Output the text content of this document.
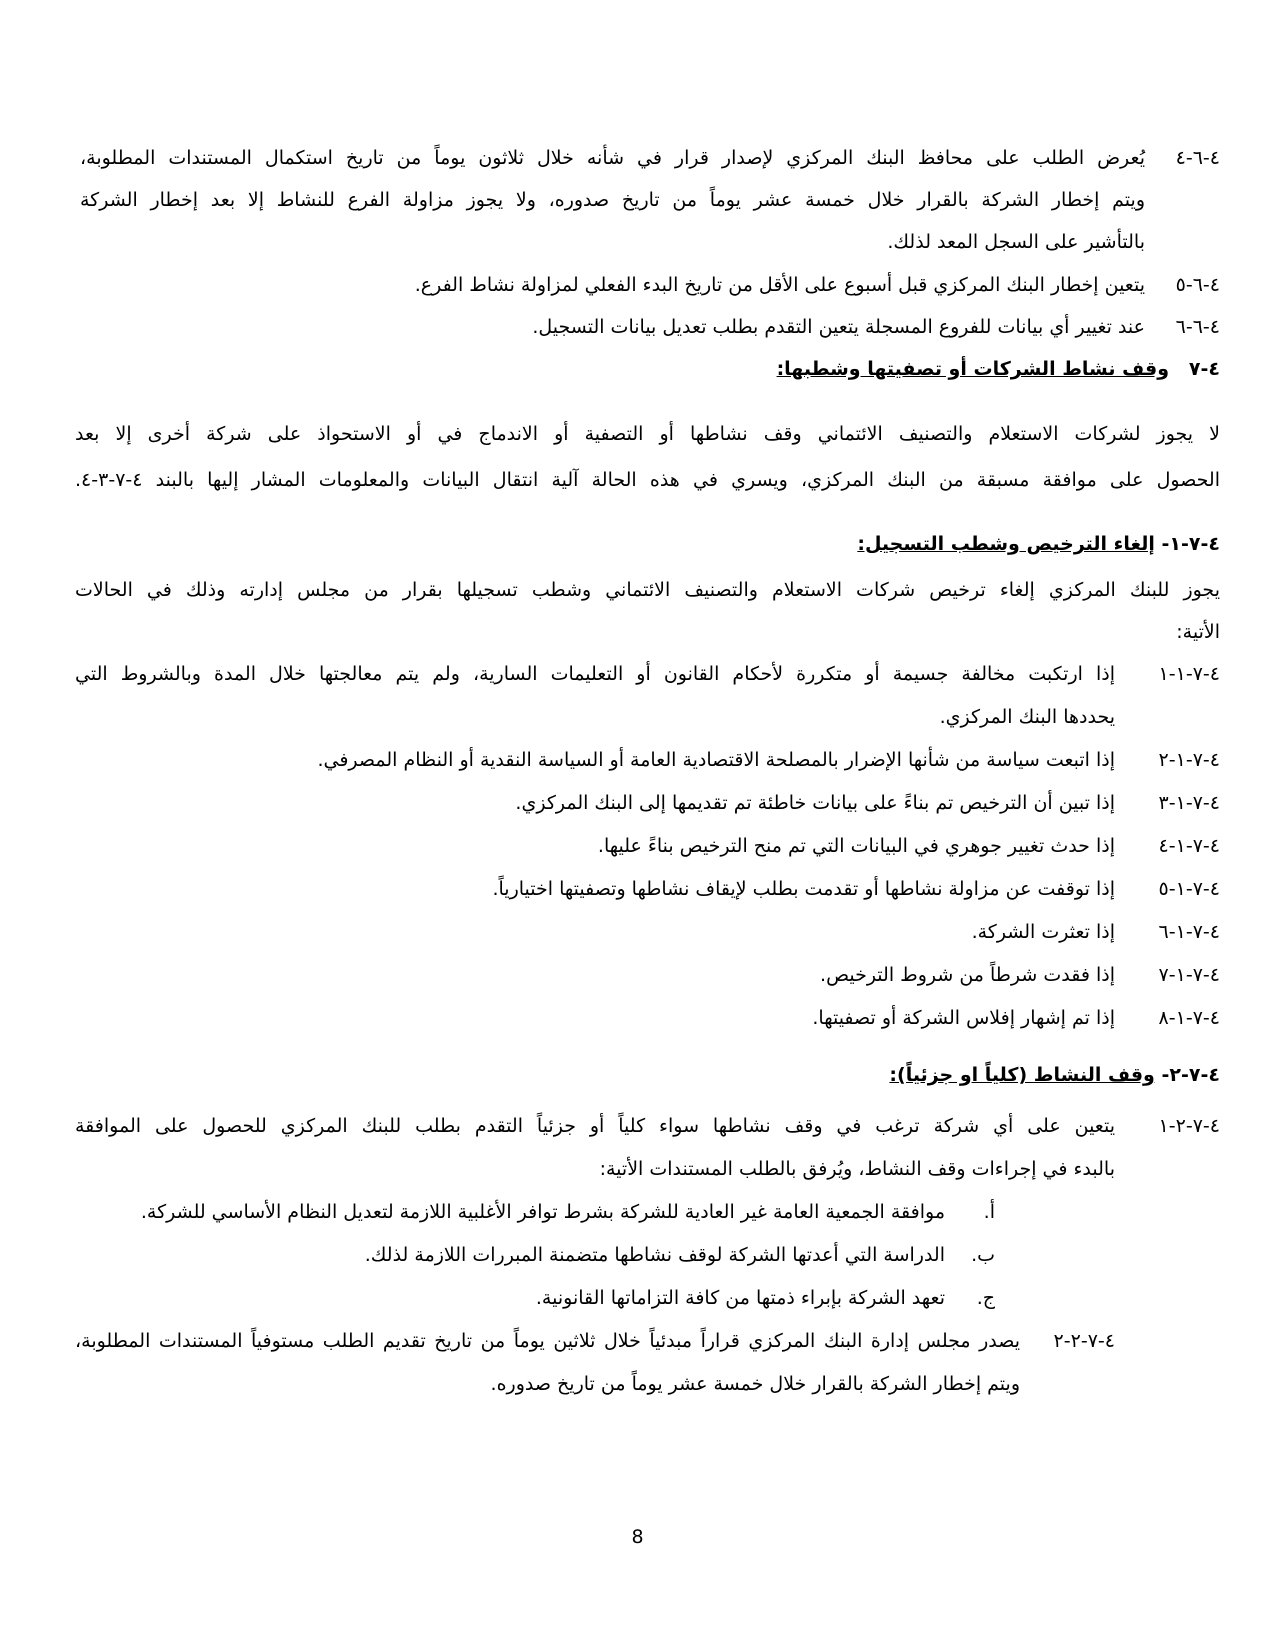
٤-٦-٤
يُعرض الطلب على محافظ البنك المركزي لإصدار قرار في شأنه خلال ثلاثون يوماً من تاريخ استكمال المستندات المطلوبة،
ويتم إخطار الشركة بالقرار خلال خمسة عشر يوماً من تاريخ صدوره، ولا يجوز مزاولة الفرع للنشاط إلا بعد إخطار الشركة
بالتأشير على السجل المعد لذلك.
٤-٦-٥
يتعين إخطار البنك المركزي قبل أسبوع على الأقل من تاريخ البدء الفعلي لمزاولة نشاط الفرع.
٤-٦-٦
عند تغيير أي بيانات للفروع المسجلة يتعين التقدم بطلب تعديل بيانات التسجيل.
٤-٧   وقف نشاط الشركات أو تصفيتها وشطبها:
لا يجوز لشركات الاستعلام والتصنيف الائتماني وقف نشاطها أو التصفية أو الاندماج في أو الاستحواذ على شركة أخرى إلا بعد
الحصول على موافقة مسبقة من البنك المركزي، ويسري في هذه الحالة آلية انتقال البيانات والمعلومات المشار إليها بالبند ٤-٧-٣-٤.
٤-٧-١- إلغاء الترخيص وشطب التسجيل:
يجوز للبنك المركزي إلغاء ترخيص شركات الاستعلام والتصنيف الائتماني وشطب تسجيلها بقرار من مجلس إدارته وذلك في الحالات
الأتية:
٤-٧-١-١
إذا ارتكبت مخالفة جسيمة أو متكررة لأحكام القانون أو التعليمات السارية، ولم يتم معالجتها خلال المدة وبالشروط التي
يحددها البنك المركزي.
٤-٧-١-٢
إذا اتبعت سياسة من شأنها الإضرار بالمصلحة الاقتصادية العامة أو السياسة النقدية أو النظام المصرفي.
٤-٧-١-٣
إذا تبين أن الترخيص تم بناءً على بيانات خاطئة تم تقديمها إلى البنك المركزي.
٤-٧-١-٤
إذا حدث تغيير جوهري في البيانات التي تم منح الترخيص بناءً عليها.
٤-٧-١-٥
إذا توقفت عن مزاولة نشاطها أو تقدمت بطلب لإيقاف نشاطها وتصفيتها اختيارياً.
٤-٧-١-٦
إذا تعثرت الشركة.
٤-٧-١-٧
إذا فقدت شرطاً من شروط الترخيص.
٤-٧-١-٨
إذا تم إشهار إفلاس الشركة أو تصفيتها.
٤-٧-٢- وقف النشاط (كلياً او جزئياً):
٤-٧-٢-١
يتعين على أي شركة ترغب في وقف نشاطها سواء كلياً أو جزئياً التقدم بطلب للبنك المركزي للحصول على الموافقة
بالبدء في إجراءات وقف النشاط، ويُرفق بالطلب المستندات الأتية:
أ.
موافقة الجمعية العامة غير العادية للشركة بشرط توافر الأغلبية اللازمة لتعديل النظام الأساسي للشركة.
ب.
الدراسة التي أعدتها الشركة لوقف نشاطها متضمنة المبررات اللازمة لذلك.
ج.
تعهد الشركة بإبراء ذمتها من كافة التزاماتها القانونية.
٤-٧-٢-٢
يصدر مجلس إدارة البنك المركزي قراراً مبدئياً خلال ثلاثين يوماً من تاريخ تقديم الطلب مستوفياً المستندات المطلوبة،
ويتم إخطار الشركة بالقرار خلال خمسة عشر يوماً من تاريخ صدوره.
8
